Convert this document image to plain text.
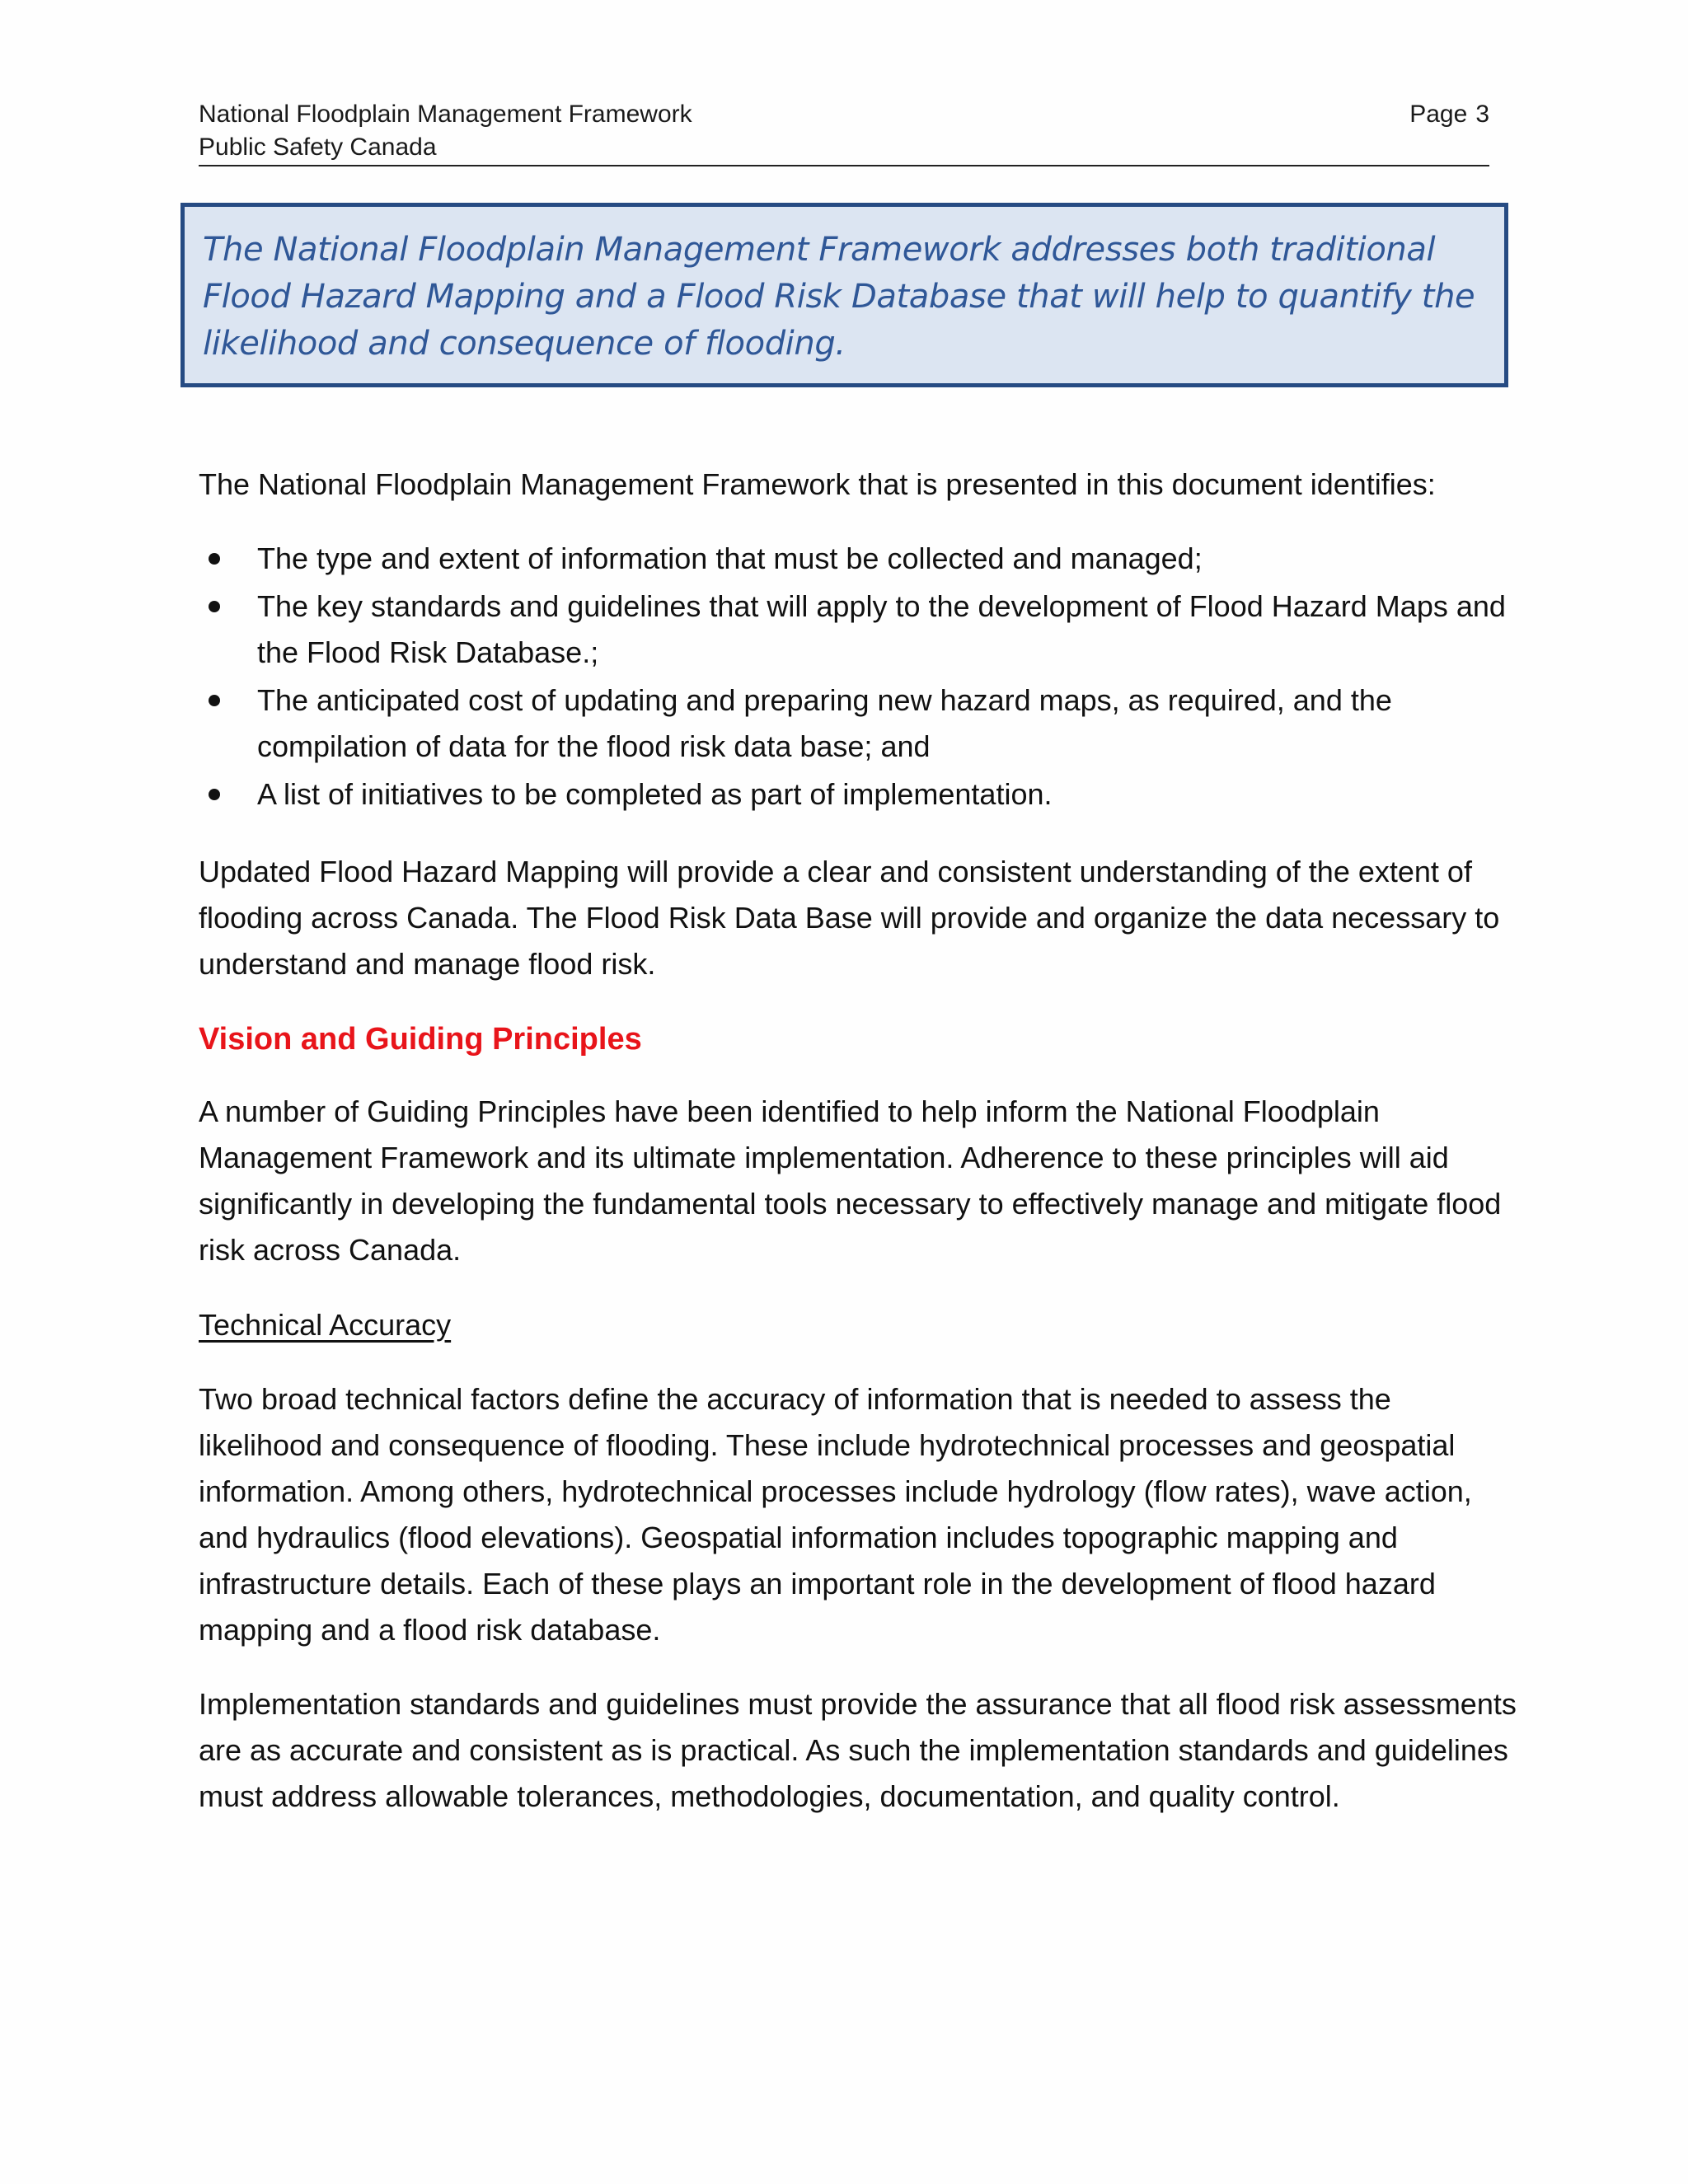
National Floodplain Management Framework
Public Safety Canada
Page 3

The National Floodplain Management Framework addresses both traditional Flood Hazard Mapping and a Flood Risk Database that will help to quantify the likelihood and consequence of flooding.

The National Floodplain Management Framework that is presented in this document identifies:

The type and extent of information that must be collected and managed;
The key standards and guidelines that will apply to the development of Flood Hazard Maps and the Flood Risk Database.;
The anticipated cost of updating and preparing new hazard maps, as required, and the compilation of data for the flood risk data base; and
A list of initiatives to be completed as part of implementation.

Updated Flood Hazard Mapping will provide a clear and consistent understanding of the extent of flooding across Canada. The Flood Risk Data Base will provide and organize the data necessary to understand and manage flood risk.

Vision and Guiding Principles

A number of Guiding Principles have been identified to help inform the National Floodplain Management Framework and its ultimate implementation. Adherence to these principles will aid significantly in developing the fundamental tools necessary to effectively manage and mitigate flood risk across Canada.

Technical Accuracy

Two broad technical factors define the accuracy of information that is needed to assess the likelihood and consequence of flooding. These include hydrotechnical processes and geospatial information. Among others, hydrotechnical processes include hydrology (flow rates), wave action, and hydraulics (flood elevations). Geospatial information includes topographic mapping and infrastructure details. Each of these plays an important role in the development of flood hazard mapping and a flood risk database.

Implementation standards and guidelines must provide the assurance that all flood risk assessments are as accurate and consistent as is practical. As such the implementation standards and guidelines must address allowable tolerances, methodologies, documentation, and quality control.
